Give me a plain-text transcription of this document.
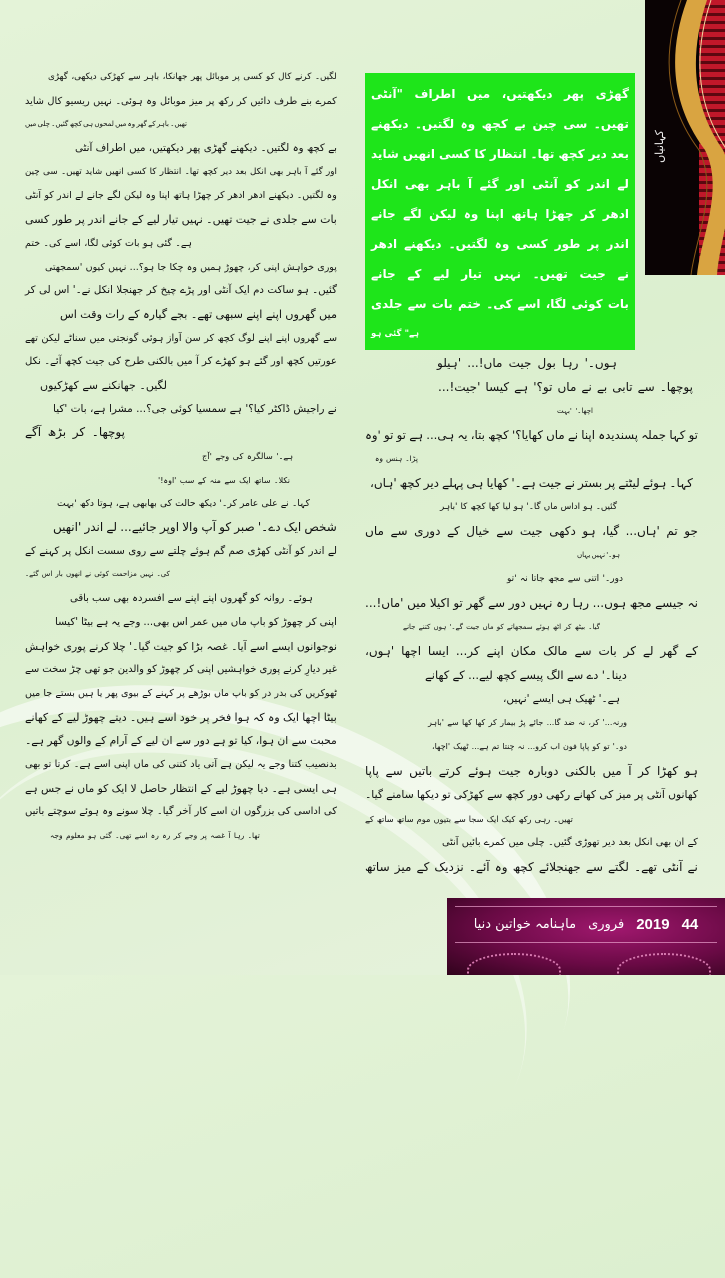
کہانیاں
گھڑی دیکھی، کھڑکی سے باہر جھانکا، پھر موبائل پر کسی کو کال کرنے لگیں۔
شاید کال ریسیو نہیں ہوئی۔ وہ موبائل میز پر رکھ کر دائیں طرف بنے کمرے
میں چلی گئیں۔ کچھ ہی لمحوں میں وہ گھر کے باہر تھیں۔
آنٹی اطراف میں دیکھتیں، پھر گھڑی دیکھنے لگتیں۔ وہ کچھ بے
چین سی تھیں۔ شاید انھیں کسی کا انتظار تھا۔ کچھ دیر بعد انکل بھی باہر آ گئے اور
آنٹی کو اندر لے جانے لگے لیکن وہ اپنا ہاتھ چھڑا کر ادھر ادھر دیکھنے لگتیں۔ وہ
کسی طور پر اندر جانے کے لیے تیار نہیں تھیں۔ جیت نے جلدی سے بات
ختم کی۔ اسے لگا، کوئی بات ہو گئی ہے۔
'سمجھتی کیوں نہیں ہو؟... جا چکا وہ ہمیں چھوڑ کر، اپنی خواہش پوری
کر لی اس نے۔' انکل جھنجلا کر چیخ پڑے اور آنٹی ایک دم ساکت ہو گئیں۔
اس وقت رات کے گیارہ بجے تھے۔ سبھی اپنے اپنے گھروں میں
تھے لیکن سناٹے میں گونجتی ہوئی آواز سن کر کچھ لوگ اپنے اپنے گھروں سے
نکل آئے۔ کچھ جیت کی طرح بالکنی میں آ کر کھڑے ہو گئے اور کچھ عورتیں
کھڑکیوں سے جھانکنے لگیں۔
'کیا بات ہے، مشرا جی؟... کوئی سمسیا ہے کیا؟' ڈاکٹر راجیش نے
آگے بڑھ کر پوچھا۔
'آج وجے کی سالگرہ ہے۔'
'اوہ!' سب کے منہ سے ایک ساتھ نکلا۔
'بہت دکھ ہوتا ہے، بھابھی کی حالت دیکھ کر۔' عامر علی نے کہا۔
'انھیں اندر لے جائیے... اوپر والا آپ کو صبر دے۔' ایک شخص
کے کہنے پر انکل سست روی سے چلتے ہوئے گم صم کھڑی آنٹی کو اندر لے
گئے۔ اس بار انھوں نے کوئی مزاحمت نہیں کی۔
باقی سب بھی افسردہ سے اپنے اپنے گھروں کو روانہ ہوئے۔
'کیسا بیٹا ہے یہ وجے بھی... اس عمر میں ماں باپ کو چھوڑ کر اپنی
خواہش پوری کرنے چلا گیا۔' جیت کو بڑا غصہ آیا۔ اسے ایسے نوجوانوں
سے سخت چڑ تھی جو والدین کو چھوڑ کر اپنی خواہشیں پوری کرنے دیارِ غیر
میں جا بستے ہیں یا پھر بیوی کے کہنے پر بوڑھے ماں باپ کو در بدر کی ٹھوکریں
کھانے کے لیے چھوڑ دیتے ہیں۔ اسے خود پر فخر ہوا کہ وہ ایک اچھا بیٹا
ہے۔ گھر والوں کے آرام کے لیے ان سے دور ہے تو کیا ہوا، ان سے محبت
بھی تو کرتا ہے۔ اسے اپنی ماں کی کتنی یاد آتی ہے لیکن یہ وجے کتنا بدنصیب
ہے جس نے ماں کو ایک لا حاصل انتظار کے لیے چھوڑ دیا ہے۔ ایسی ہی
باتیں سوچتے ہوئے وہ سونے چلا گیا۔ آخر کار اسے ان بزرگوں کی اداسی کی
وجہ معلوم ہو گئی تھی۔ اسے رہ رہ کر وجے پر غصہ آ رہا تھا۔
"آنٹی اطراف میں دیکھتیں، پھر گھڑی
دیکھنے لگتیں۔ وہ کچھ بے چین سی تھیں۔
شاید انھیں کسی کا انتظار تھا۔ کچھ دیر بعد
انکل بھی باہر آ گئے اور آنٹی کو اندر لے
جانے لگے لیکن وہ اپنا ہاتھ چھڑا کر ادھر
ادھر دیکھنے لگتیں۔ وہ کسی طور پر اندر
جانے کے لیے تیار نہیں تھیں۔ جیت نے
جلدی سے بات ختم کی۔ اسے لگا، کوئی بات
ہو گئی ہے"
'ہیلو ماں!... جیت بول رہا ہوں۔'
'جیت!... کیسا ہے تو؟' ماں نے بے تابی سے پوچھا۔
'بہت اچھا۔'
'وہ تو تو ہے ہی... یہ بتا، کچھ کھایا؟' ماں نے اپنا پسندیدہ جملہ کہا تو
وہ ہنس پڑا۔
'ہاں، کچھ دیر پہلے ہی کھایا ہے۔' جیت نے بستر پر لیٹتے ہوئے کہا۔
'باہر کا کچھ کھا لیا ہو گا۔' ماں اداس ہو گئیں۔
ماں سے دوری کے خیال سے جیت دکھی ہو گیا، 'ہاں... تم جو
یہاں نہیں ہو۔'
'تو نہ جاتا مجھ سے اتنی دور۔'
'ماں!... میں اکیلا تو گھر سے دور نہیں رہ رہا ہوں... مجھ جیسے نہ
جانے کتنے ہوں گے۔' جیت ماں کو سمجھاتے ہوئے اٹھ کر بیٹھ گیا۔
'ہوں، اچھا ایسا کر... اپنے مکان مالک سے بات کر لے گھر کے
کھانے کے لیے... کچھ پیسے الگ سے دے دینا۔'
'نہیں، ایسے ہی ٹھیک ہے۔'
'باہر سے کھا کھا کر بیمار پڑ جائے گا... ضد نہ کر، ورنہ...'
'اچھا، ٹھیک ہے... تم چنتا نہ کرو... اب فون پاپا کو تو دو۔'
پاپا سے باتیں کرتے ہوئے جیت دوبارہ بالکنی میں آ کر کھڑا ہو
گیا۔ سامنے دیکھا تو کھڑکی سے کچھ دور رکھی کھانے کی میز پر آنٹی کھانوں
کے ساتھ ساتھ موم بتیوں سے سجا ایک کیک رکھ رہی تھیں۔
آنٹی بائیں کمرے میں چلی گئیں۔ تھوڑی دیر بعد انکل بھی ان کے
ساتھ میز کے نزدیک آئے۔ وہ کچھ جھنجلائے سے لگتے تھے۔ آنٹی نے
ماہنامہ خواتین دنیا فروری 2019 44
